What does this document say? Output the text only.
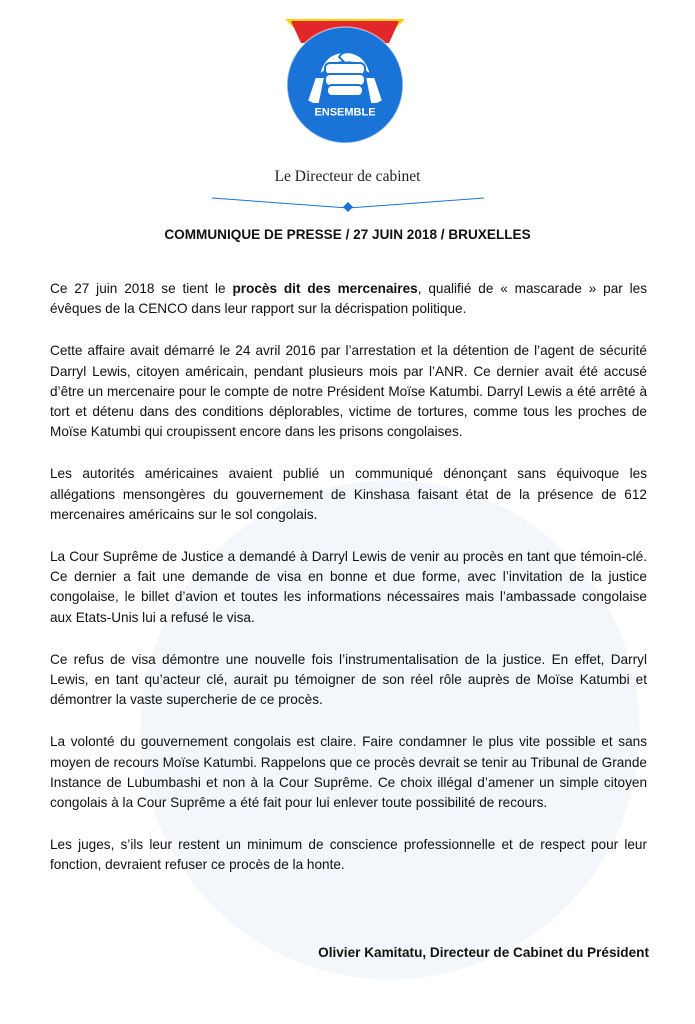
ENSEMBLE
Le Directeur de cabinet
COMMUNIQUE DE PRESSE / 27 JUIN 2018 / BRUXELLES

Ce 27 juin 2018 se tient le procès dit des mercenaires, qualifié de « mascarade » par les évêques de la CENCO dans leur rapport sur la décrispation politique.

Cette affaire avait démarré le 24 avril 2016 par l’arrestation et la détention de l’agent de sécurité Darryl Lewis, citoyen américain, pendant plusieurs mois par l’ANR. Ce dernier avait été accusé d’être un mercenaire pour le compte de notre Président Moïse Katumbi. Darryl Lewis a été arrêté à tort et détenu dans des conditions déplorables, victime de tortures, comme tous les proches de Moïse Katumbi qui croupissent encore dans les prisons congolaises.

Les autorités américaines avaient publié un communiqué dénonçant sans équivoque les allégations mensongères du gouvernement de Kinshasa faisant état de la présence de 612 mercenaires américains sur le sol congolais.

La Cour Suprême de Justice a demandé à Darryl Lewis de venir au procès en tant que témoin-clé. Ce dernier a fait une demande de visa en bonne et due forme, avec l’invitation de la justice congolaise, le billet d’avion et toutes les informations nécessaires mais l’ambassade congolaise aux Etats-Unis lui a refusé le visa.

Ce refus de visa démontre une nouvelle fois l’instrumentalisation de la justice. En effet, Darryl Lewis, en tant qu’acteur clé, aurait pu témoigner de son réel rôle auprès de Moïse Katumbi et démontrer la vaste supercherie de ce procès.

La volonté du gouvernement congolais est claire. Faire condamner le plus vite possible et sans moyen de recours Moïse Katumbi. Rappelons que ce procès devrait se tenir au Tribunal de Grande Instance de Lubumbashi et non à la Cour Suprême. Ce choix illégal d’amener un simple citoyen congolais à la Cour Suprême a été fait pour lui enlever toute possibilité de recours.

Les juges, s’ils leur restent un minimum de conscience professionnelle et de respect pour leur fonction, devraient refuser ce procès de la honte.

Olivier Kamitatu, Directeur de Cabinet du Président
